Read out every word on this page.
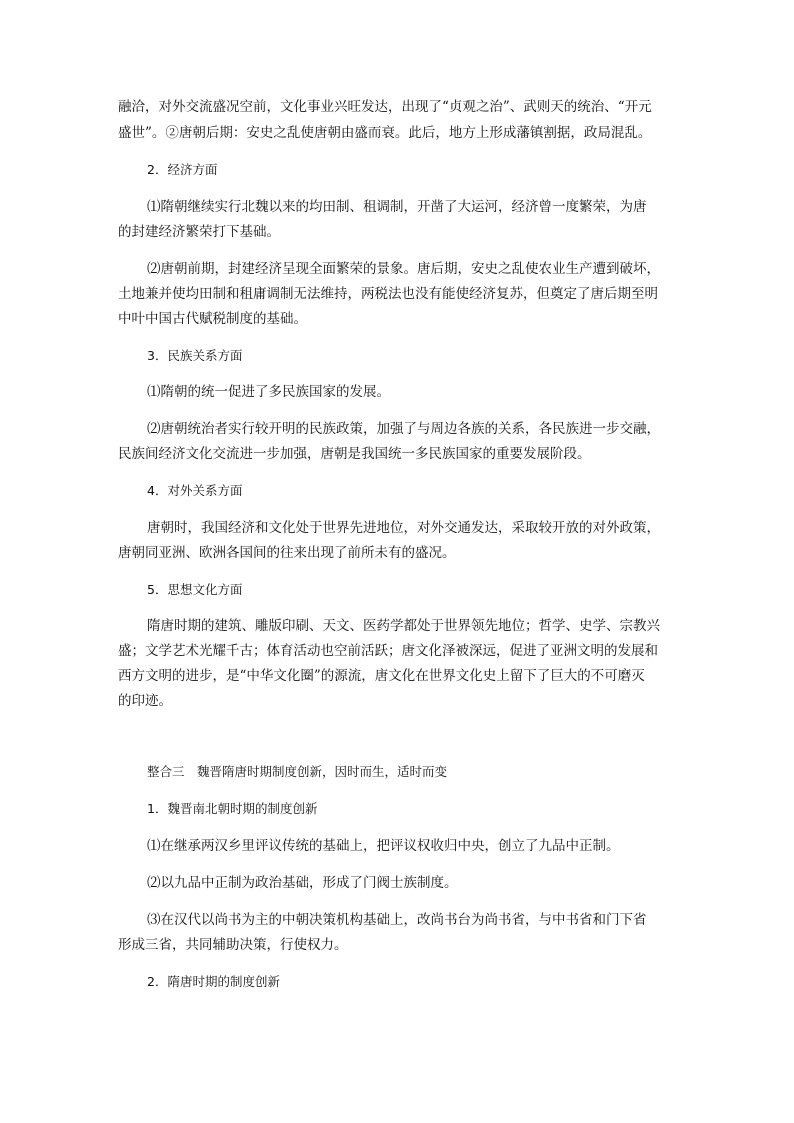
融洽，对外交流盛况空前，文化事业兴旺发达，出现了“贞观之治”、武则天的统治、“开元
盛世”。②唐朝后期：安史之乱使唐朝由盛而衰。此后，地方上形成藩镇割据，政局混乱。
2．经济方面
⑴隋朝继续实行北魏以来的均田制、租调制，开凿了大运河，经济曾一度繁荣，为唐
的封建经济繁荣打下基础。
⑵唐朝前期，封建经济呈现全面繁荣的景象。唐后期，安史之乱使农业生产遭到破坏，
土地兼并使均田制和租庸调制无法维持，两税法也没有能使经济复苏，但奠定了唐后期至明
中叶中国古代赋税制度的基础。
3．民族关系方面
⑴隋朝的统一促进了多民族国家的发展。
⑵唐朝统治者实行较开明的民族政策，加强了与周边各族的关系，各民族进一步交融，
民族间经济文化交流进一步加强，唐朝是我国统一多民族国家的重要发展阶段。
4．对外关系方面
唐朝时，我国经济和文化处于世界先进地位，对外交通发达，采取较开放的对外政策，
唐朝同亚洲、欧洲各国间的往来出现了前所未有的盛况。
5．思想文化方面
隋唐时期的建筑、雕版印刷、天文、医药学都处于世界领先地位；哲学、史学、宗教兴
盛；文学艺术光耀千古；体育活动也空前活跃；唐文化泽被深远，促进了亚洲文明的发展和
西方文明的进步，是“中华文化圈”的源流，唐文化在世界文化史上留下了巨大的不可磨灭
的印迹。
整合三　魏晋隋唐时期制度创新，因时而生，适时而变
1．魏晋南北朝时期的制度创新
⑴在继承两汉乡里评议传统的基础上，把评议权收归中央，创立了九品中正制。
⑵以九品中正制为政治基础，形成了门阀士族制度。
⑶在汉代以尚书为主的中朝决策机构基础上，改尚书台为尚书省，与中书省和门下省
形成三省，共同辅助决策，行使权力。
2．隋唐时期的制度创新
